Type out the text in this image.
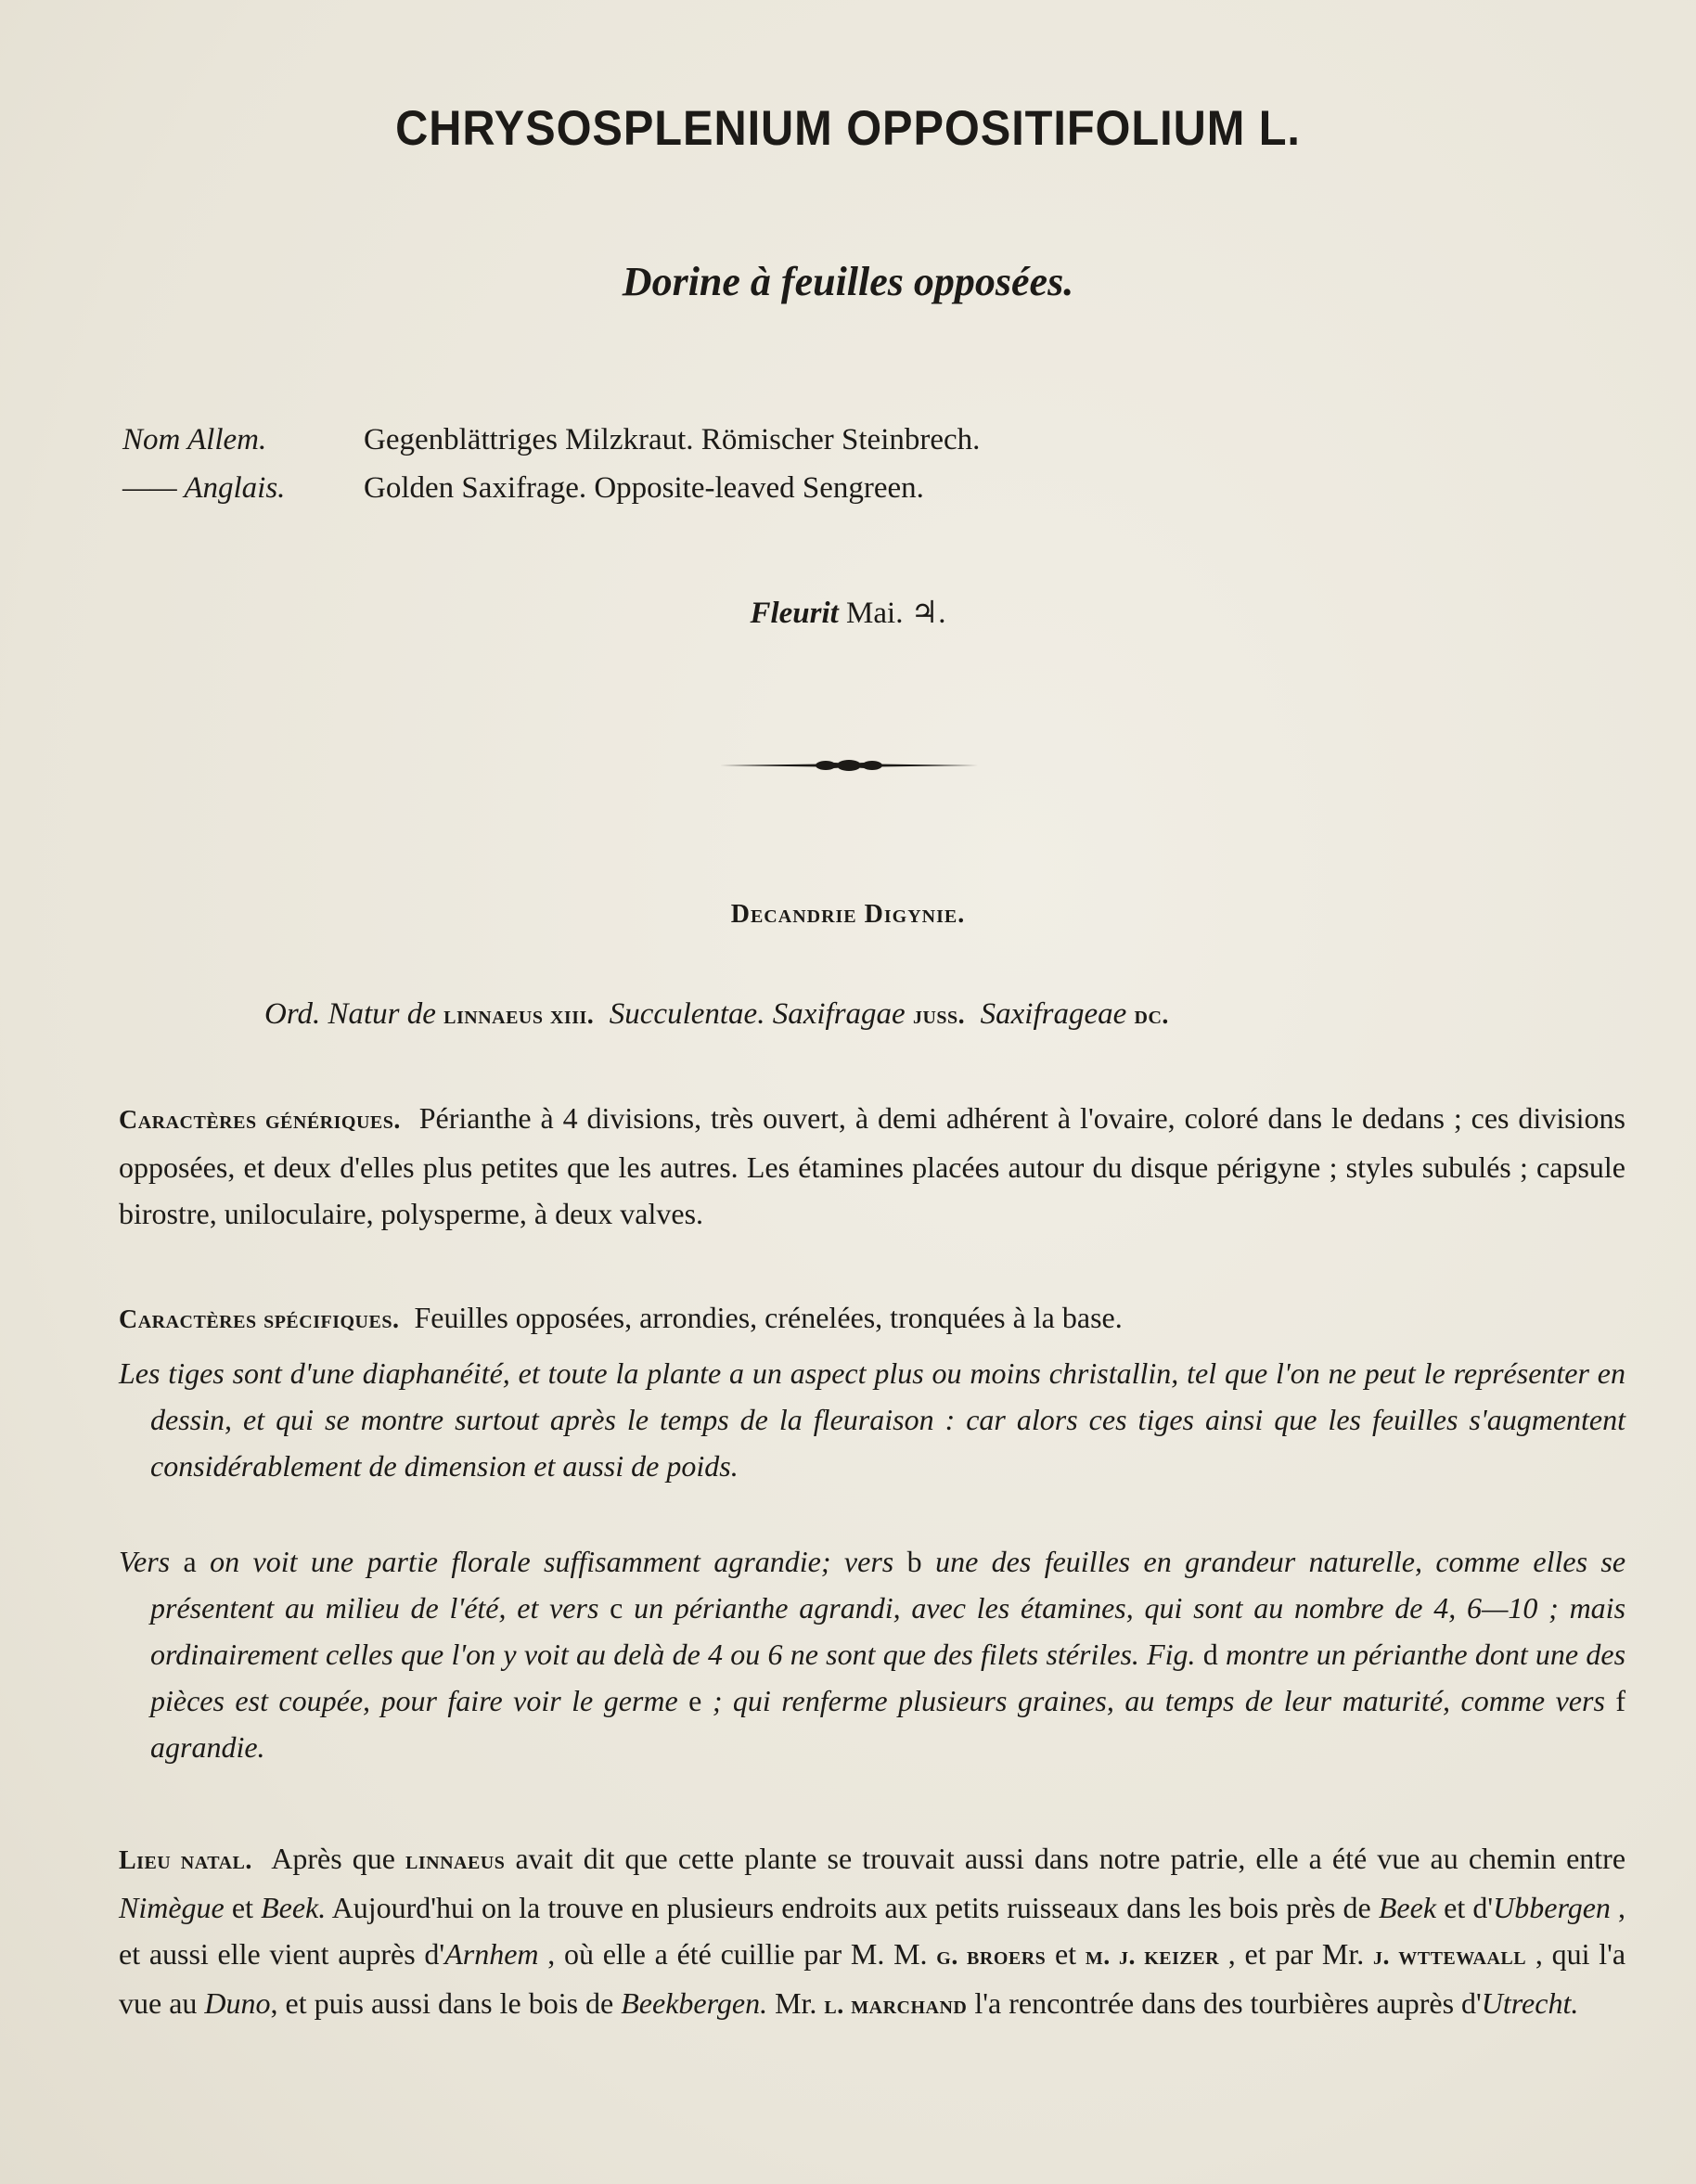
CHRYSOSPLENIUM OPPOSITIFOLIUM L.
Dorine à feuilles opposées.
Nom Allem.	Gegenblättriges Milzkraut. Römischer Steinbrech.
—— Anglais.	Golden Saxifrage. Opposite-leaved Sengreen.
Fleurit Mai. ♃.
Decandrie Digynie.
Ord. Natur de linnaeus xiii. Succulentae. Saxifragae juss. Saxifrageae dc.
Caractères génériques. Périanthe à 4 divisions, très ouvert, à demi adhérent à l'ovaire, coloré dans le dedans ; ces divisions opposées, et deux d'elles plus petites que les autres. Les étamines placées autour du disque périgyne ; styles subulés ; capsule birostre, uniloculaire, polysperme, à deux valves.
Caractères spécifiques. Feuilles opposées, arrondies, crénelées, tronquées à la base.
Les tiges sont d'une diaphanéité, et toute la plante a un aspect plus ou moins christallin, tel que l'on ne peut le représenter en dessin, et qui se montre surtout après le temps de la fleuraison : car alors ces tiges ainsi que les feuilles s'augmentent considérablement de dimension et aussi de poids.
Vers a on voit une partie florale suffisamment agrandie; vers b une des feuilles en grandeur naturelle, comme elles se présentent au milieu de l'été, et vers c un périanthe agrandi, avec les étamines, qui sont au nombre de 4, 6—10 ; mais ordinairement celles que l'on y voit au delà de 4 ou 6 ne sont que des filets stériles. Fig. d montre un périanthe dont une des pièces est coupée, pour faire voir le germe e ; qui renferme plusieurs graines, au temps de leur maturité, comme vers f agrandie.
Lieu natal. Après que linnaeus avait dit que cette plante se trouvait aussi dans notre patrie, elle a été vue au chemin entre Nimègue et Beek. Aujourd'hui on la trouve en plusieurs endroits aux petits ruisseaux dans les bois près de Beek et d'Ubbergen , et aussi elle vient auprès d'Arnhem , où elle a été cuillie par M. M. g. broers et m. j. keizer , et par Mr. j. wttewaall , qui l'a vue au Duno, et puis aussi dans le bois de Beekbergen. Mr. l. marchand l'a rencontrée dans des tourbières auprès d'Utrecht.
